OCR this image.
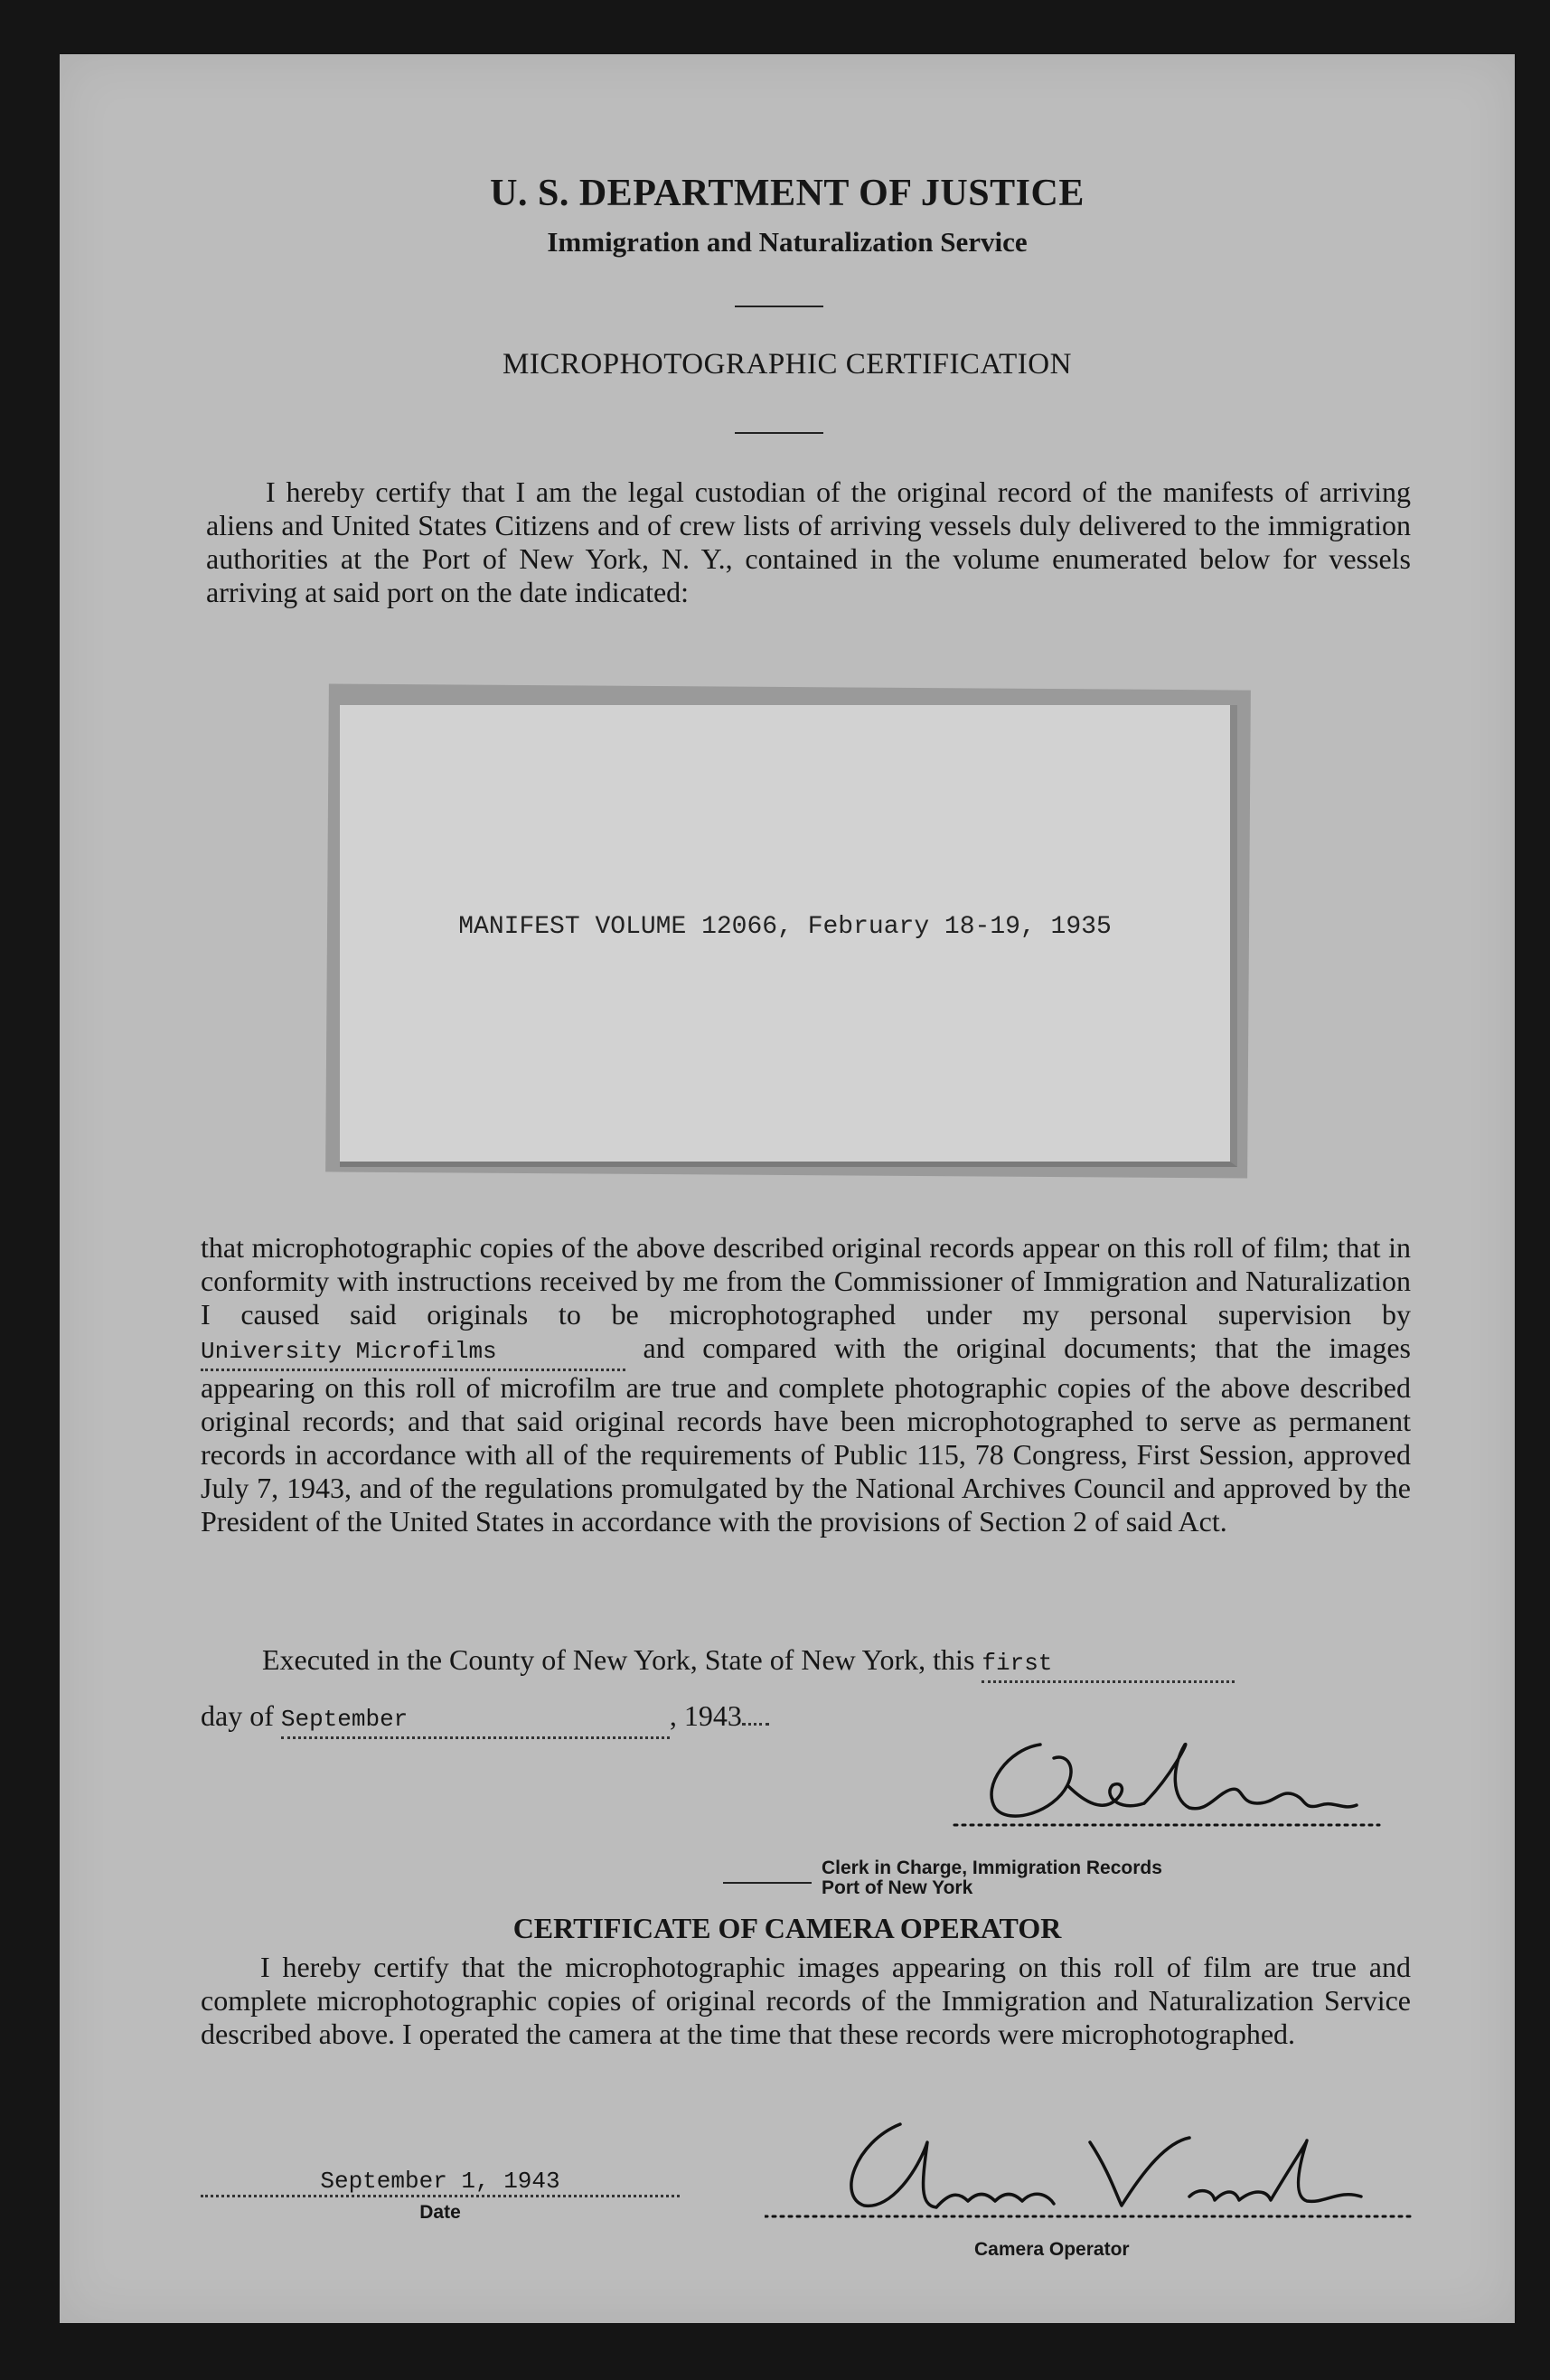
U. S. DEPARTMENT OF JUSTICE
Immigration and Naturalization Service
MICROPHOTOGRAPHIC CERTIFICATION
I hereby certify that I am the legal custodian of the original record of the manifests of arriving aliens and United States Citizens and of crew lists of arriving vessels duly delivered to the immigration authorities at the Port of New York, N. Y., contained in the volume enumerated below for vessels arriving at said port on the date indicated:
MANIFEST VOLUME 12066, February 18-19, 1935
that microphotographic copies of the above described original records appear on this roll of film; that in conformity with instructions received by me from the Commissioner of Immigration and Naturalization I caused said originals to be microphotographed under my personal supervision by University Microfilms	and compared with the original documents; that the images appearing on this roll of microfilm are true and complete photographic copies of the above described original records; and that said original records have been microphotographed to serve as permanent records in accordance with all of the requirements of Public 115, 78 Congress, First Session, approved July 7, 1943, and of the regulations promulgated by the National Archives Council and approved by the President of the United States in accordance with the provisions of Section 2 of said Act.
Executed in the County of New York, State of New York, this first
day of September	, 1943
Clerk in Charge, Immigration Records
Port of New York
CERTIFICATE OF CAMERA OPERATOR
I hereby certify that the microphotographic images appearing on this roll of film are true and complete microphotographic copies of original records of the Immigration and Naturalization Service described above. I operated the camera at the time that these records were microphotographed.
September 1, 1943
Date
Camera Operator
